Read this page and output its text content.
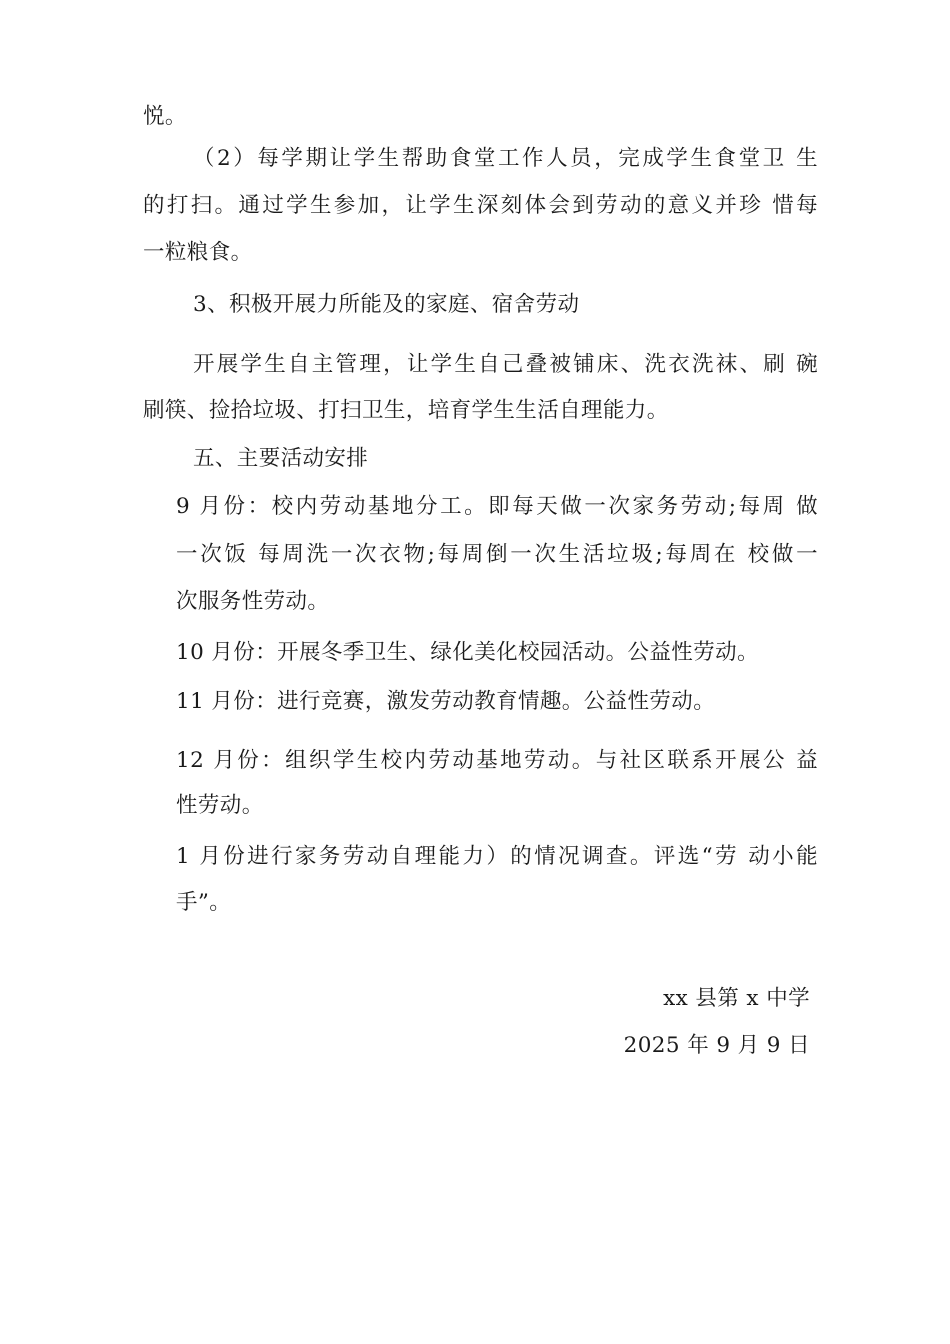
悦。
（2）每学期让学生帮助食堂工作人员，完成学生食堂卫 生
的打扫。通过学生参加，让学生深刻体会到劳动的意义并珍 惜每
一粒粮食。
3、积极开展力所能及的家庭、宿舍劳动
开展学生自主管理，让学生自己叠被铺床、洗衣洗袜、刷 碗
刷筷、捡拾垃圾、打扫卫生，培育学生生活自理能力。
五、主要活动安排
9 月份：校内劳动基地分工。即每天做一次家务劳动;每周 做
一次饭 每周洗一次衣物;每周倒一次生活垃圾;每周在 校做一
次服务性劳动。
10 月份：开展冬季卫生、绿化美化校园活动。公益性劳动。
11 月份：进行竞赛，激发劳动教育情趣。公益性劳动。
12 月份：组织学生校内劳动基地劳动。与社区联系开展公 益
性劳动。
1 月份进行家务劳动自理能力）的情况调查。评选“劳 动小能
手”。
xx 县第 x 中学
2025 年 9 月 9 日
